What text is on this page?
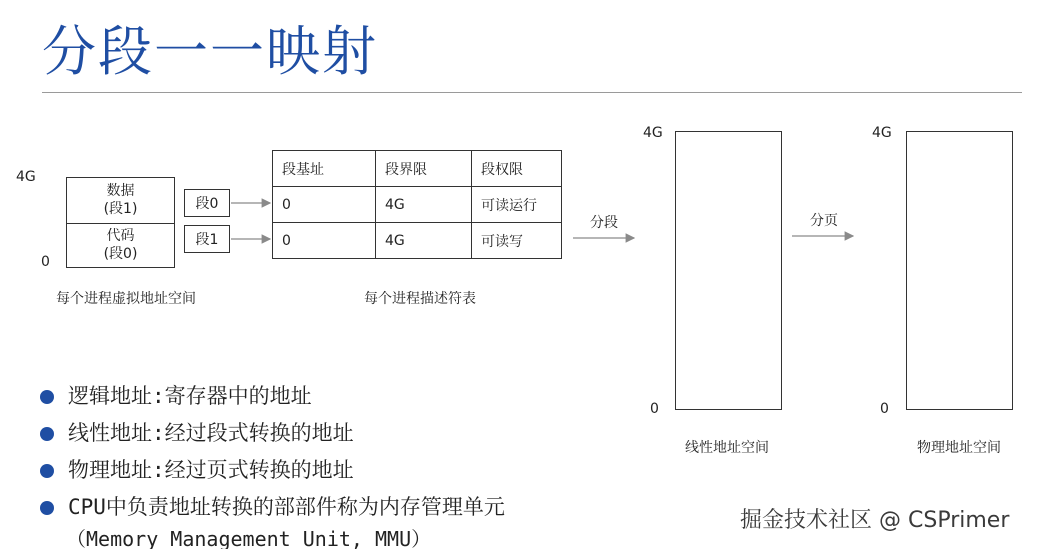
分段一一映射
4G
0
数据
(段1)
代码
(段0)
每个进程虚拟地址空间
段0
段1
段基址	段界限	段权限
0	4G	可读运行
0	4G	可读写
每个进程描述符表
分段	分页
4G
0
线性地址空间
4G
0
物理地址空间
逻辑地址:寄存器中的地址
线性地址:经过段式转换的地址
物理地址:经过页式转换的地址
CPU中负责地址转换的部部件称为内存管理单元
（Memory Management Unit, MMU）
掘金技术社区 @ CSPrimer
